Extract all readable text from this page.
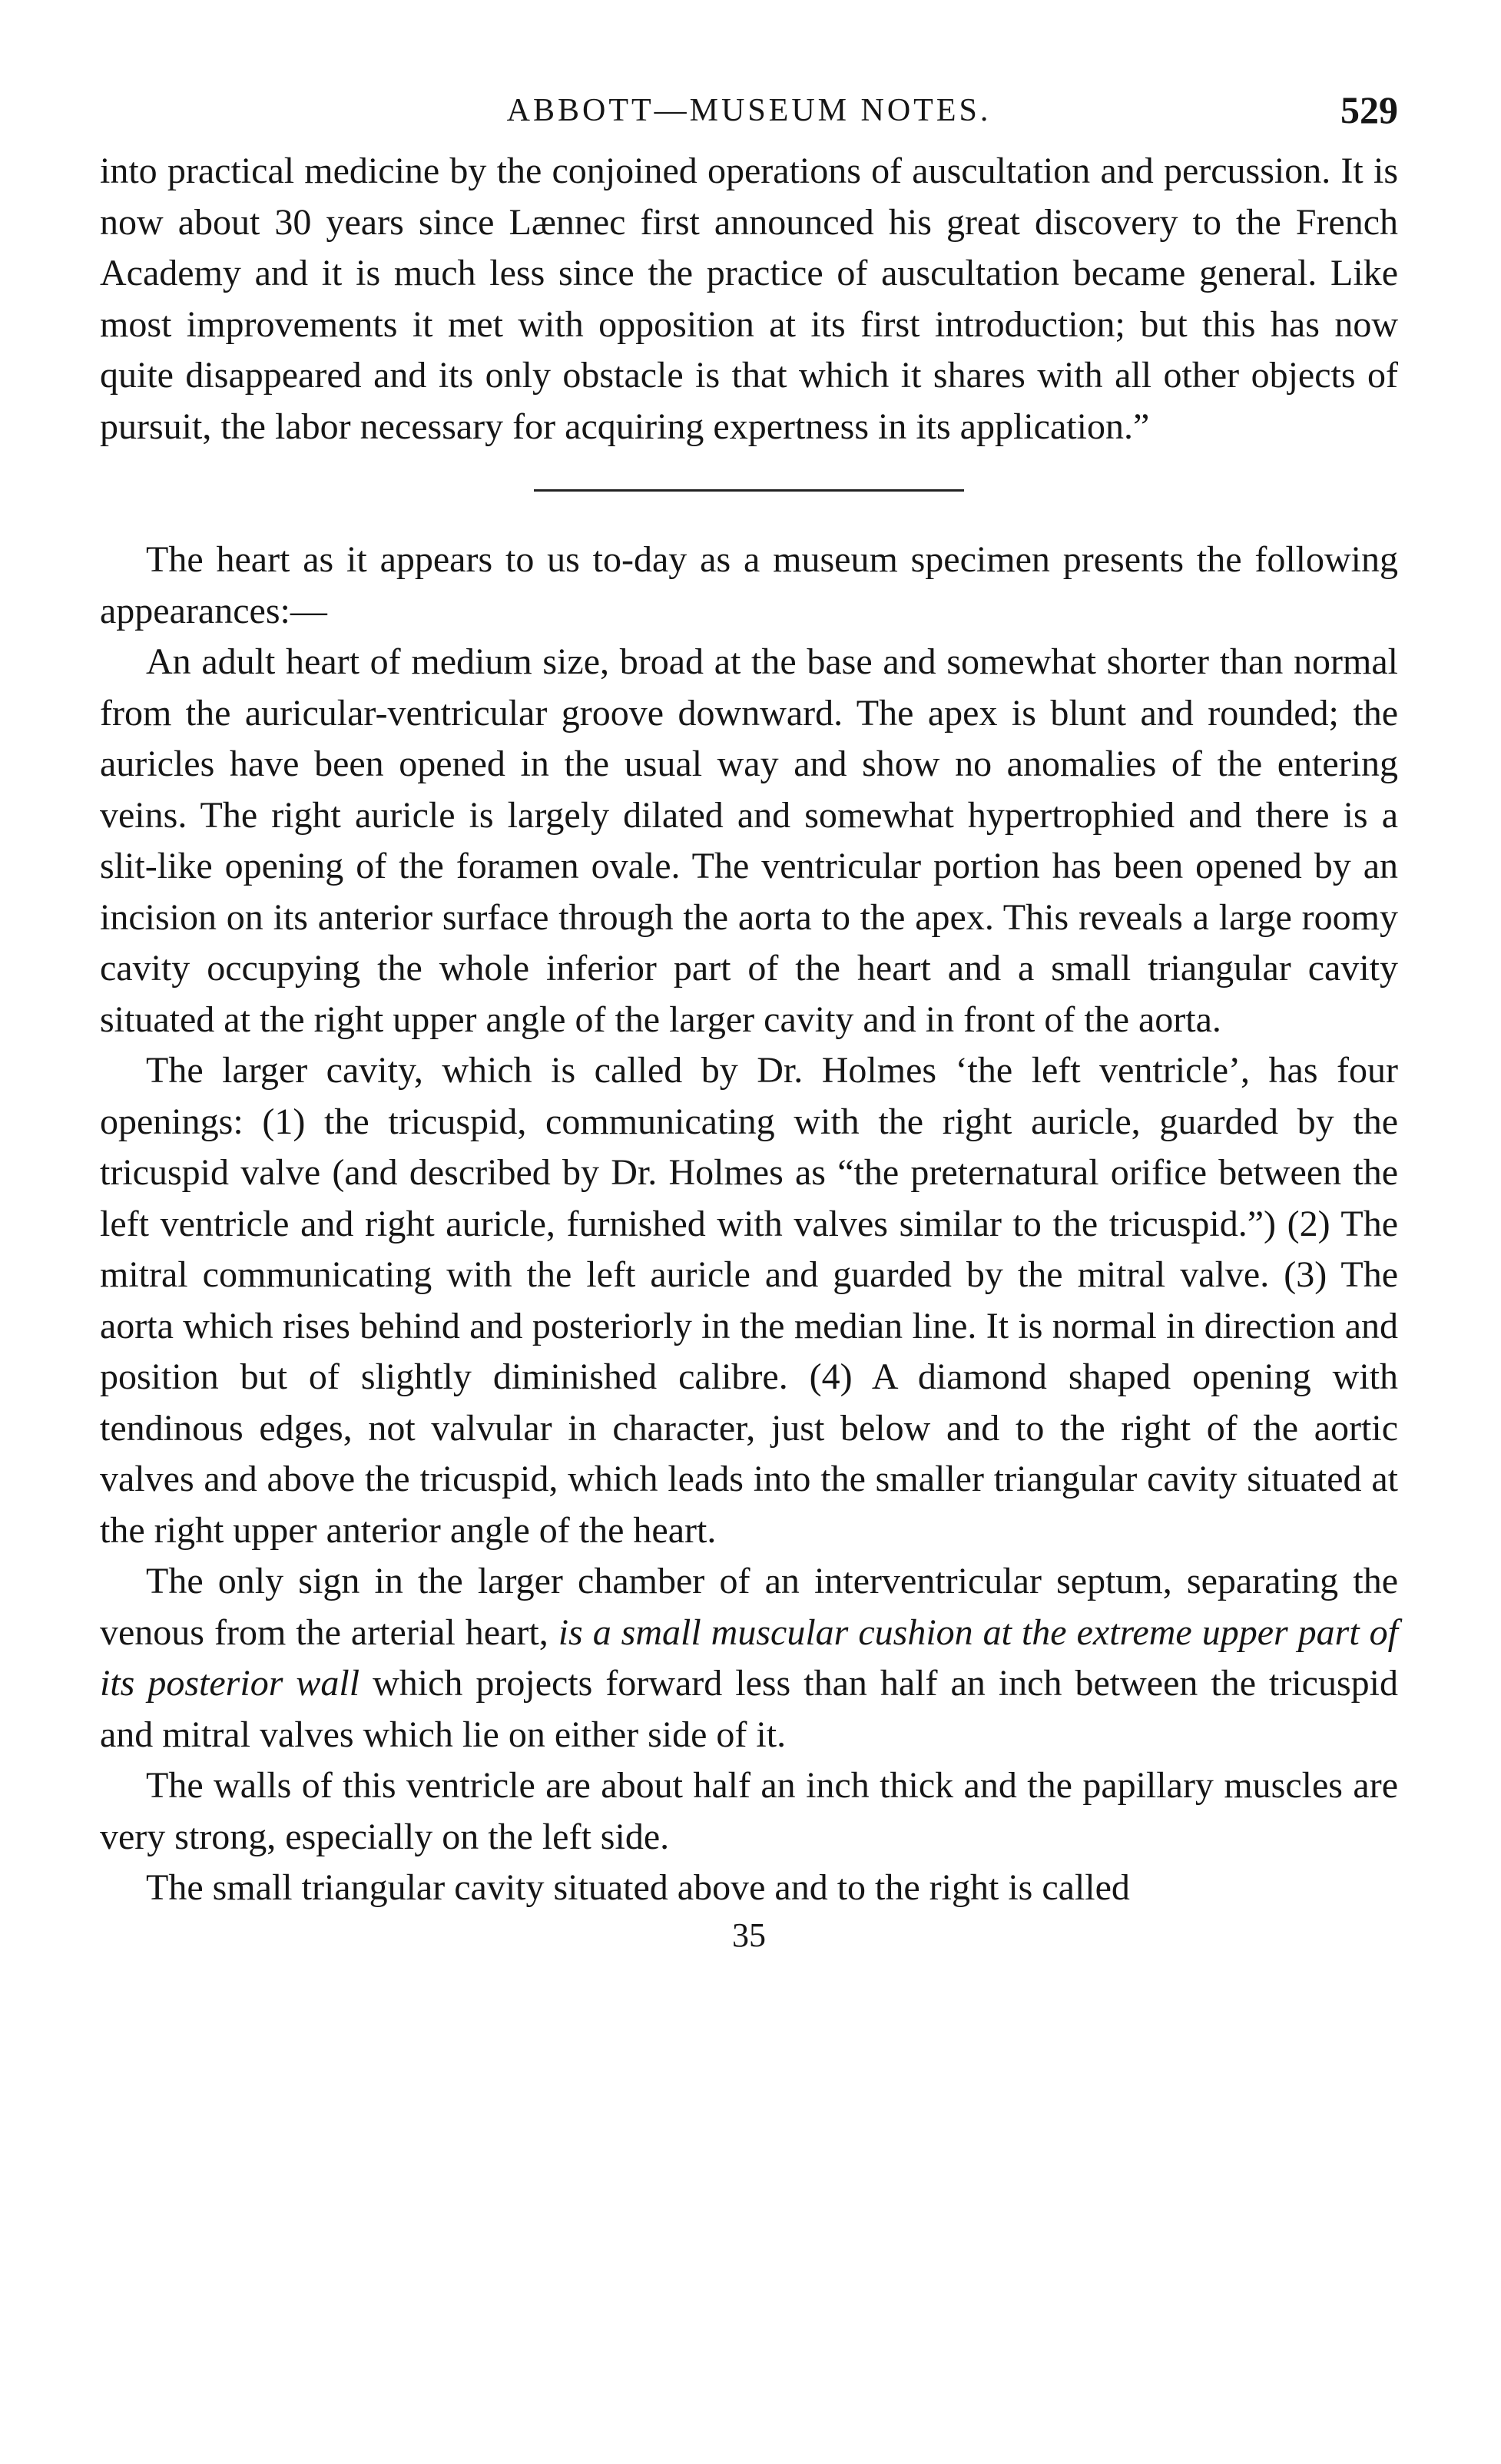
ABBOTT—MUSEUM NOTES.	529

into practical medicine by the conjoined operations of auscultation and percussion. It is now about 30 years since Lænnec first announced his great discovery to the French Academy and it is much less since the practice of auscultation became general. Like most improvements it met with opposition at its first introduction; but this has now quite disappeared and its only obstacle is that which it shares with all other objects of pursuit, the labor necessary for acquiring expertness in its application.”

The heart as it appears to us to-day as a museum specimen presents the following appearances:—

An adult heart of medium size, broad at the base and somewhat shorter than normal from the auricular-ventricular groove downward. The apex is blunt and rounded; the auricles have been opened in the usual way and show no anomalies of the entering veins. The right auricle is largely dilated and somewhat hypertrophied and there is a slit-like opening of the foramen ovale. The ventricular portion has been opened by an incision on its anterior surface through the aorta to the apex. This reveals a large roomy cavity occupying the whole inferior part of the heart and a small triangular cavity situated at the right upper angle of the larger cavity and in front of the aorta.

The larger cavity, which is called by Dr. Holmes ‘the left ventricle’, has four openings: (1) the tricuspid, communicating with the right auricle, guarded by the tricuspid valve (and described by Dr. Holmes as “the preternatural orifice between the left ventricle and right auricle, furnished with valves similar to the tricuspid.”) (2) The mitral communicating with the left auricle and guarded by the mitral valve. (3) The aorta which rises behind and posteriorly in the median line. It is normal in direction and position but of slightly diminished calibre. (4) A diamond shaped opening with tendinous edges, not valvular in character, just below and to the right of the aortic valves and above the tricuspid, which leads into the smaller triangular cavity situated at the right upper anterior angle of the heart.

The only sign in the larger chamber of an interventricular septum, separating the venous from the arterial heart, is a small muscular cushion at the extreme upper part of its posterior wall which projects forward less than half an inch between the tricuspid and mitral valves which lie on either side of it.

The walls of this ventricle are about half an inch thick and the papillary muscles are very strong, especially on the left side.

The small triangular cavity situated above and to the right is called

35
